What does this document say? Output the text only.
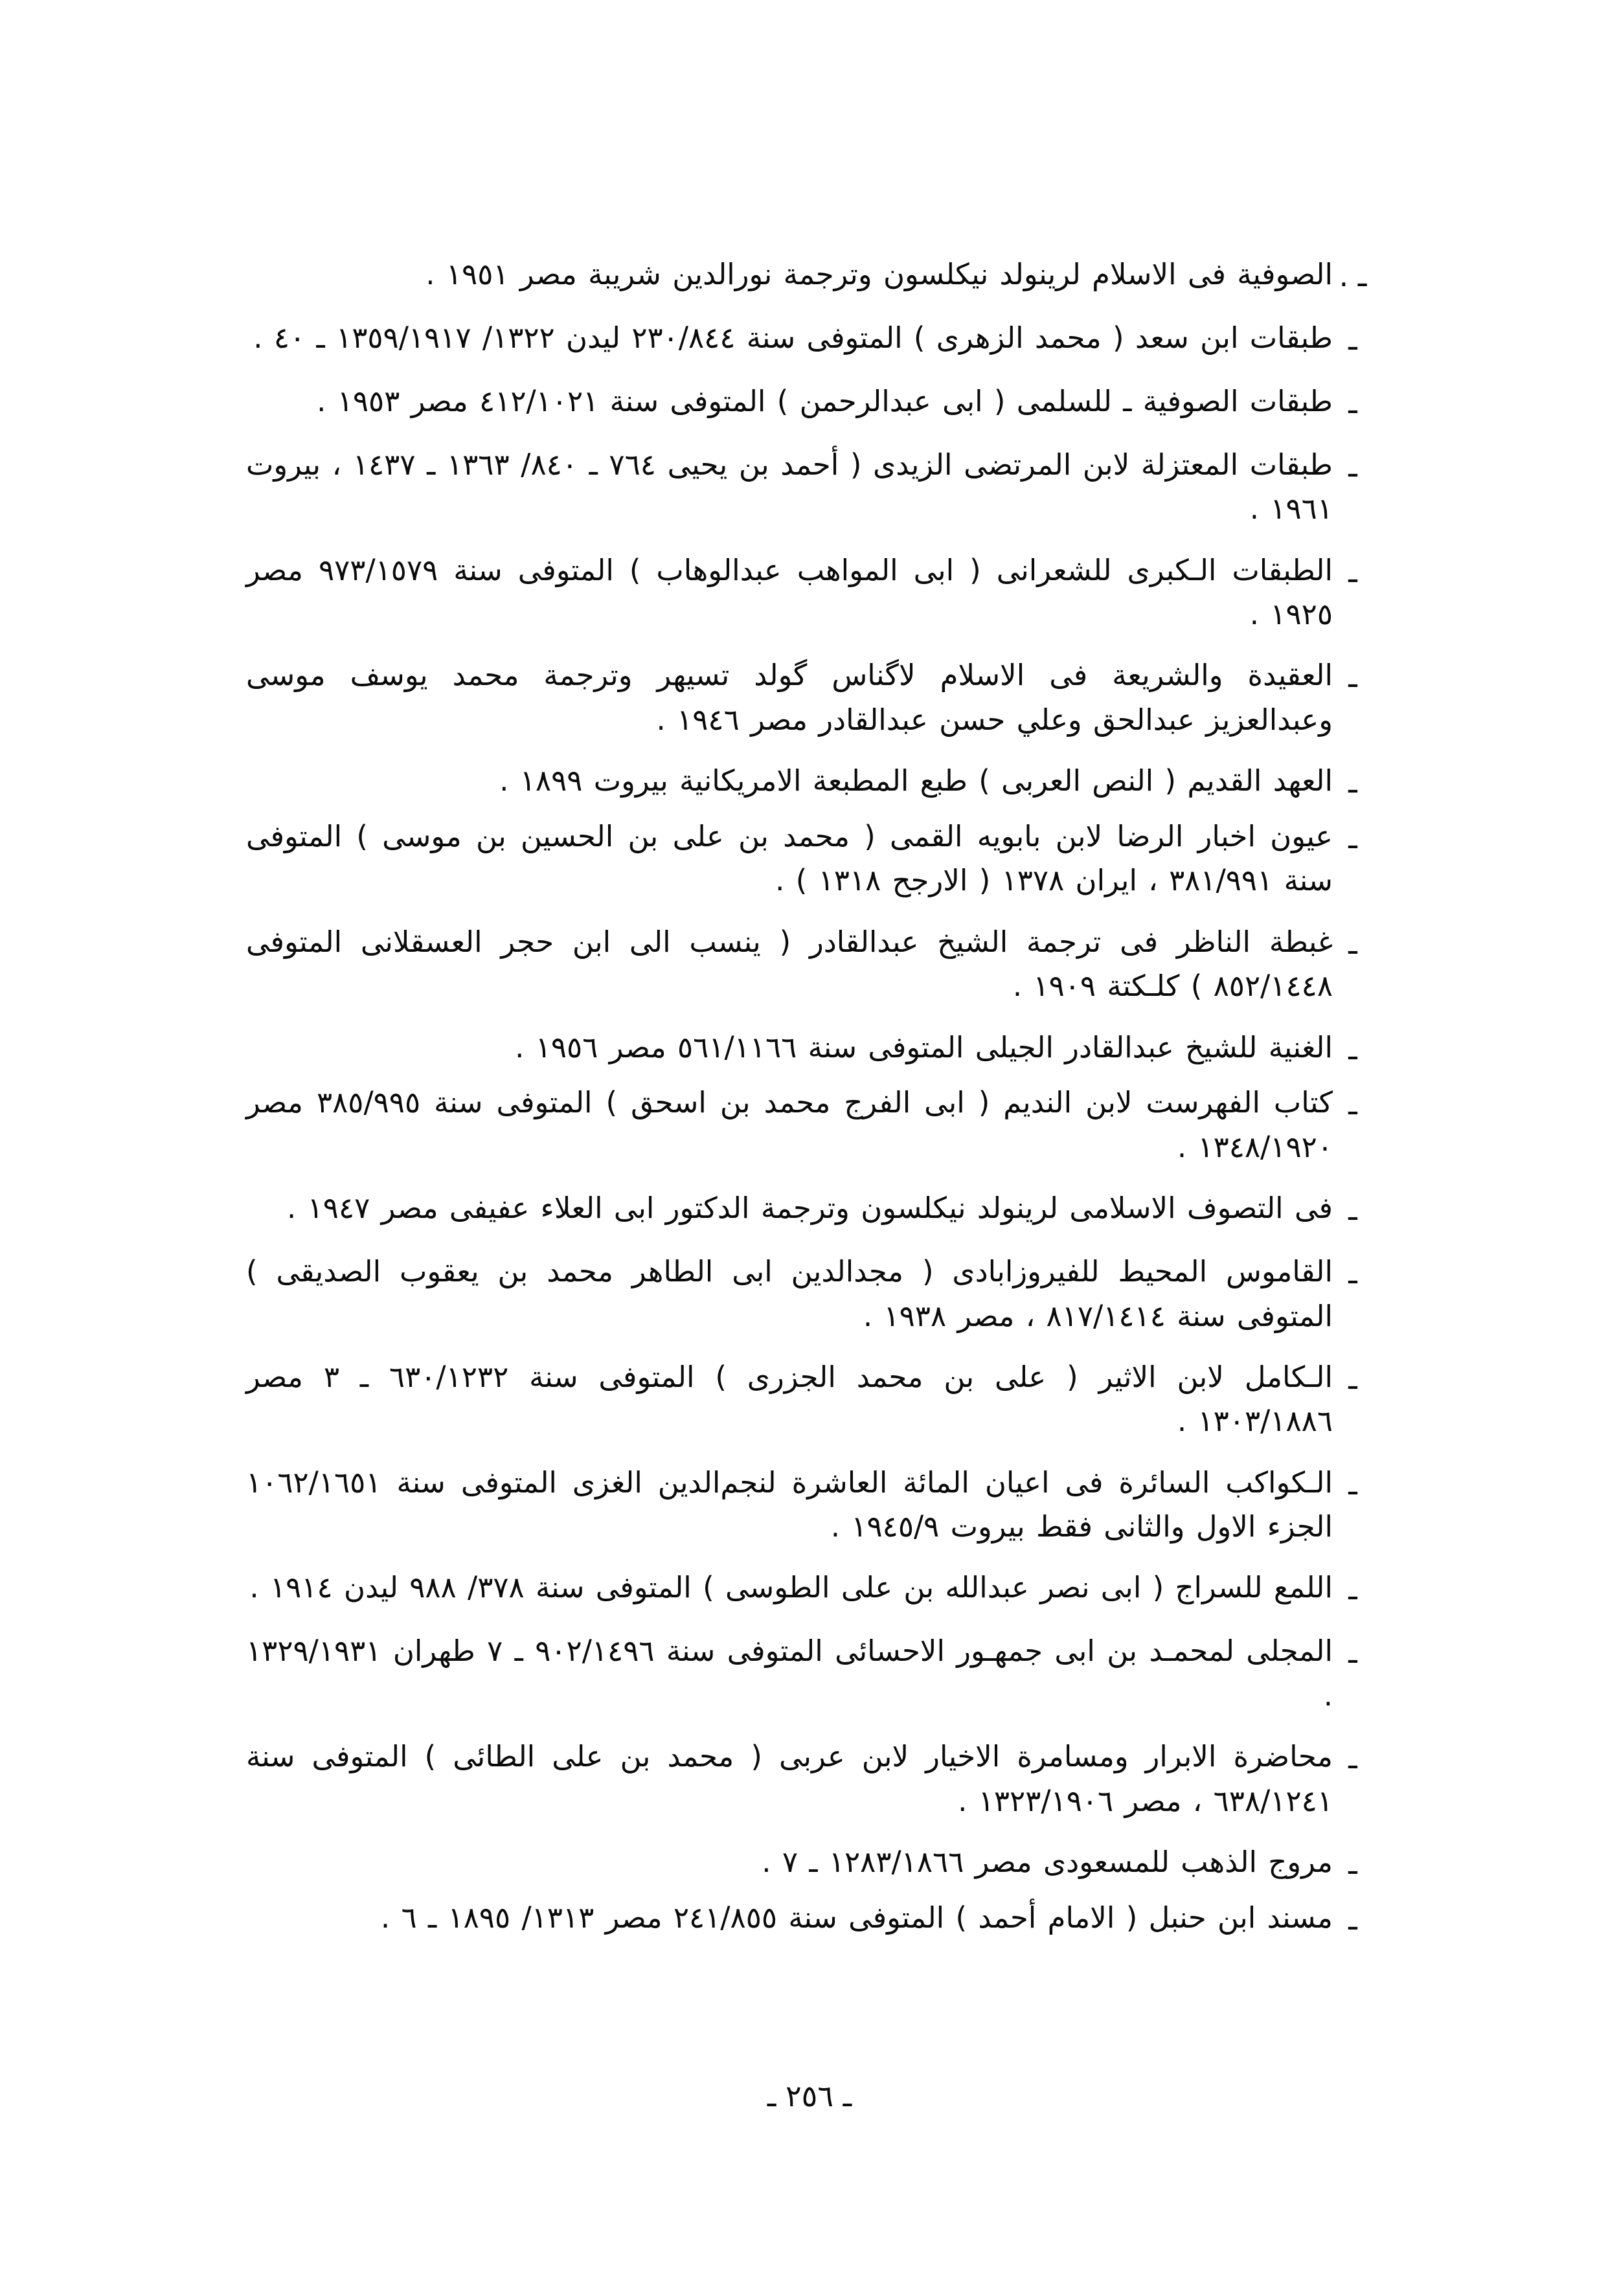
ـ .
الصوفية فى الاسلام لرينولد نيكلسون وترجمة نورالدين شريبة مصر ١٩٥١ .
ـ
طبقات ابن سعد ( محمد الزهرى ) المتوفى سنة ٢٣٠/٨٤٤ ليدن ١٣٢٢/ ١٣٥٩/١٩١٧ ـ ٤٠ .
ـ
طبقات الصوفية ـ للسلمى ( ابى عبدالرحمن ) المتوفى سنة ٤١٢/١٠٢١ مصر ١٩٥٣ .
ـ
طبقات المعتزلة لابن المرتضى الزيدى ( أحمد بن يحيى ٧٦٤ ـ ٨٤٠/ ١٣٦٣ ـ ١٤٣٧ ، بيروت ١٩٦١ .
ـ
الطبقات الـكبرى للشعرانى ( ابى المواهب عبدالوهاب ) المتوفى سنة ٩٧٣/١٥٧٩ مصر ١٩٢٥ .
ـ
العقيدة والشريعة فى الاسلام لاگناس گولد تسيهر وترجمة محمد يوسف موسى وعبدالعزيز عبدالحق وعلي حسن عبدالقادر مصر ١٩٤٦ .
ـ
العهد القديم ( النص العربى ) طبع المطبعة الامريكانية بيروت ١٨٩٩ .
ـ
عيون اخبار الرضا لابن بابويه القمى ( محمد بن على بن الحسين بن موسى ) المتوفى سنة ٣٨١/٩٩١ ، ايران ١٣٧٨ ( الارجح ١٣١٨ ) .
ـ
غبطة الناظر فى ترجمة الشيخ عبدالقادر ( ينسب الى ابن حجر العسقلانى المتوفى ٨٥٢/١٤٤٨ ) كلـكتة ١٩٠٩ .
ـ
الغنية للشيخ عبدالقادر الجيلى المتوفى سنة ٥٦١/١١٦٦ مصر ١٩٥٦ .
ـ
كتاب الفهرست لابن النديم ( ابى الفرج محمد بن اسحق ) المتوفى سنة ٣٨٥/٩٩٥ مصر ١٣٤٨/١٩٢٠ .
ـ
فى التصوف الاسلامى لرينولد نيكلسون وترجمة الدكتور ابى العلاء عفيفى مصر ١٩٤٧ .
ـ
القاموس المحيط للفيروزابادى ( مجدالدين ابى الطاهر محمد بن يعقوب الصديقى ) المتوفى سنة ٨١٧/١٤١٤ ، مصر ١٩٣٨ .
ـ
الـكامل لابن الاثير ( على بن محمد الجزرى ) المتوفى سنة ٦٣٠/١٢٣٢ ـ ٣ مصر ١٣٠٣/١٨٨٦ .
ـ
الـكواكب السائرة فى اعيان المائة العاشرة لنجم‌الدين الغزى المتوفى سنة ١٠٦٢/١٦٥١ الجزء الاول والثانى فقط بيروت ١٩٤٥/٩ .
ـ
اللمع للسراج ( ابى نصر عبدالله بن على الطوسى ) المتوفى سنة ٣٧٨/ ٩٨٨ ليدن ١٩١٤ .
ـ
المجلى لمحمـد بن ابى جمهـور الاحسائى المتوفى سنة ٩٠٢/١٤٩٦ ـ ٧ طهران ١٣٢٩/١٩٣١ .
ـ
محاضرة الابرار ومسامرة الاخيار لابن عربى ( محمد بن على الطائى ) المتوفى سنة ٦٣٨/١٢٤١ ، مصر ١٣٢٣/١٩٠٦ .
ـ
مروج الذهب للمسعودى مصر ١٢٨٣/١٨٦٦ ـ ٧ .
ـ
مسند ابن حنبل ( الامام أحمد ) المتوفى سنة ٢٤١/٨٥٥ مصر ١٣١٣/ ١٨٩٥ ـ ٦ .
ـ ٢٥٦ ـ
